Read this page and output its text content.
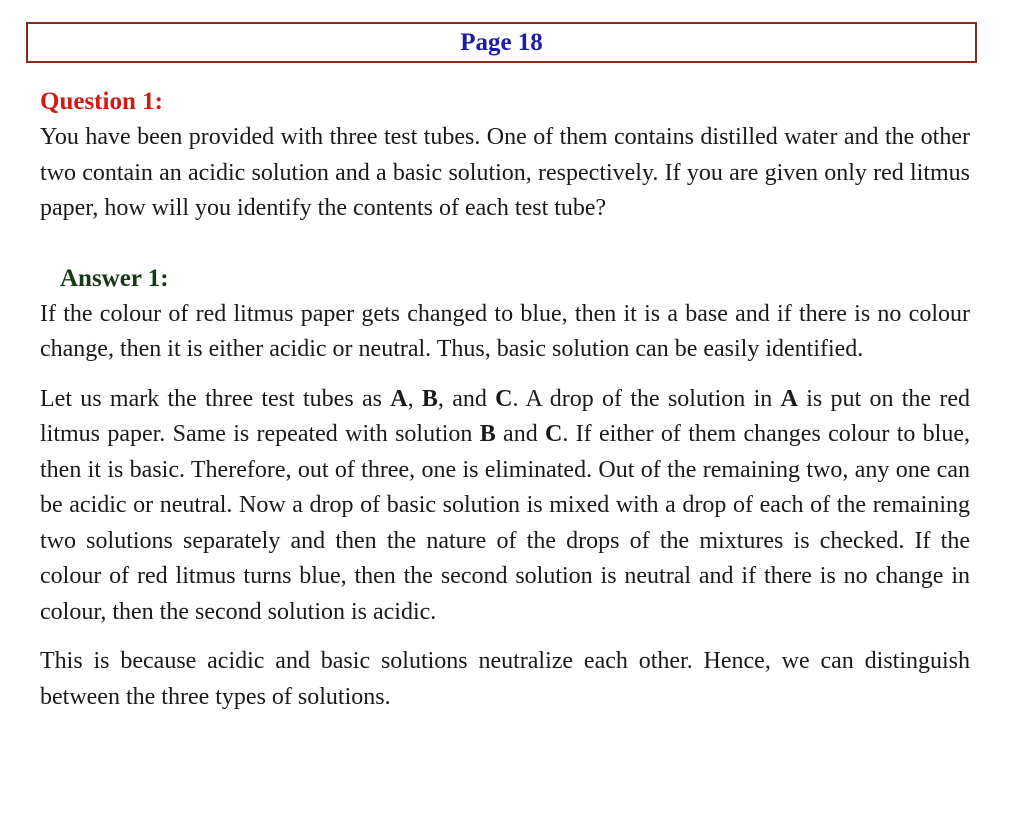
Page 18
Question 1:

You have been provided with three test tubes. One of them contains distilled water and the other two contain an acidic solution and a basic solution, respectively. If you are given only red litmus paper, how will you identify the contents of each test tube?

Answer 1:

If the colour of red litmus paper gets changed to blue, then it is a base and if there is no colour change, then it is either acidic or neutral. Thus, basic solution can be easily identified.

Let us mark the three test tubes as A, B, and C. A drop of the solution in A is put on the red litmus paper. Same is repeated with solution B and C. If either of them changes colour to blue, then it is basic. Therefore, out of three, one is eliminated. Out of the remaining two, any one can be acidic or neutral. Now a drop of basic solution is mixed with a drop of each of the remaining two solutions separately and then the nature of the drops of the mixtures is checked. If the colour of red litmus turns blue, then the second solution is neutral and if there is no change in colour, then the second solution is acidic.

This is because acidic and basic solutions neutralize each other. Hence, we can distinguish between the three types of solutions.
